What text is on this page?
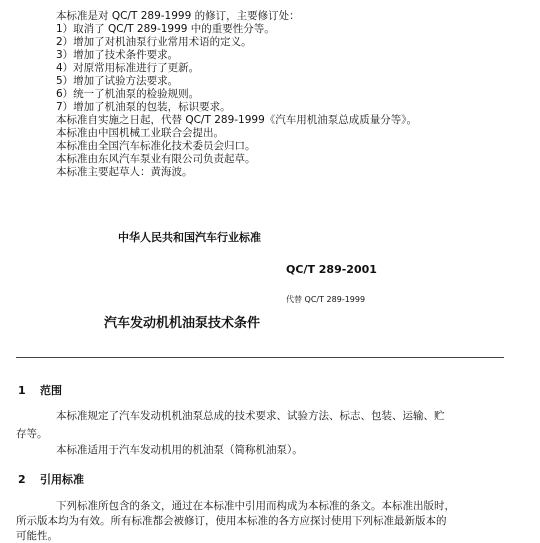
本标准是对 QC/T 289-1999 的修订，主要修订处：
1）取消了 QC/T 289-1999 中的重要性分等。
2）增加了对机油泵行业常用术语的定义。
3）增加了技术条件要求。
4）对原常用标准进行了更新。
5）增加了试验方法要求。
6）统一了机油泵的检验规则。
7）增加了机油泵的包装，标识要求。
本标准自实施之日起，代替 QC/T 289-1999《汽车用机油泵总成质量分等》。
本标准由中国机械工业联合会提出。
本标准由全国汽车标准化技术委员会归口。
本标准由东风汽车泵业有限公司负责起草。
本标准主要起草人：黄海波。
中华人民共和国汽车行业标准
QC/T 289-2001
代替 QC/T 289-1999
汽车发动机机油泵技术条件
1 范围
本标准规定了汽车发动机机油泵总成的技术要求、试验方法、标志、包装、运输、贮
存等。
本标准适用于汽车发动机用的机油泵（简称机油泵）。
2 引用标准
下列标准所包含的条文，通过在本标准中引用而构成为本标准的条文。本标准出版时，
所示版本均为有效。所有标准都会被修订，使用本标准的各方应探讨使用下列标准最新版本的
可能性。
